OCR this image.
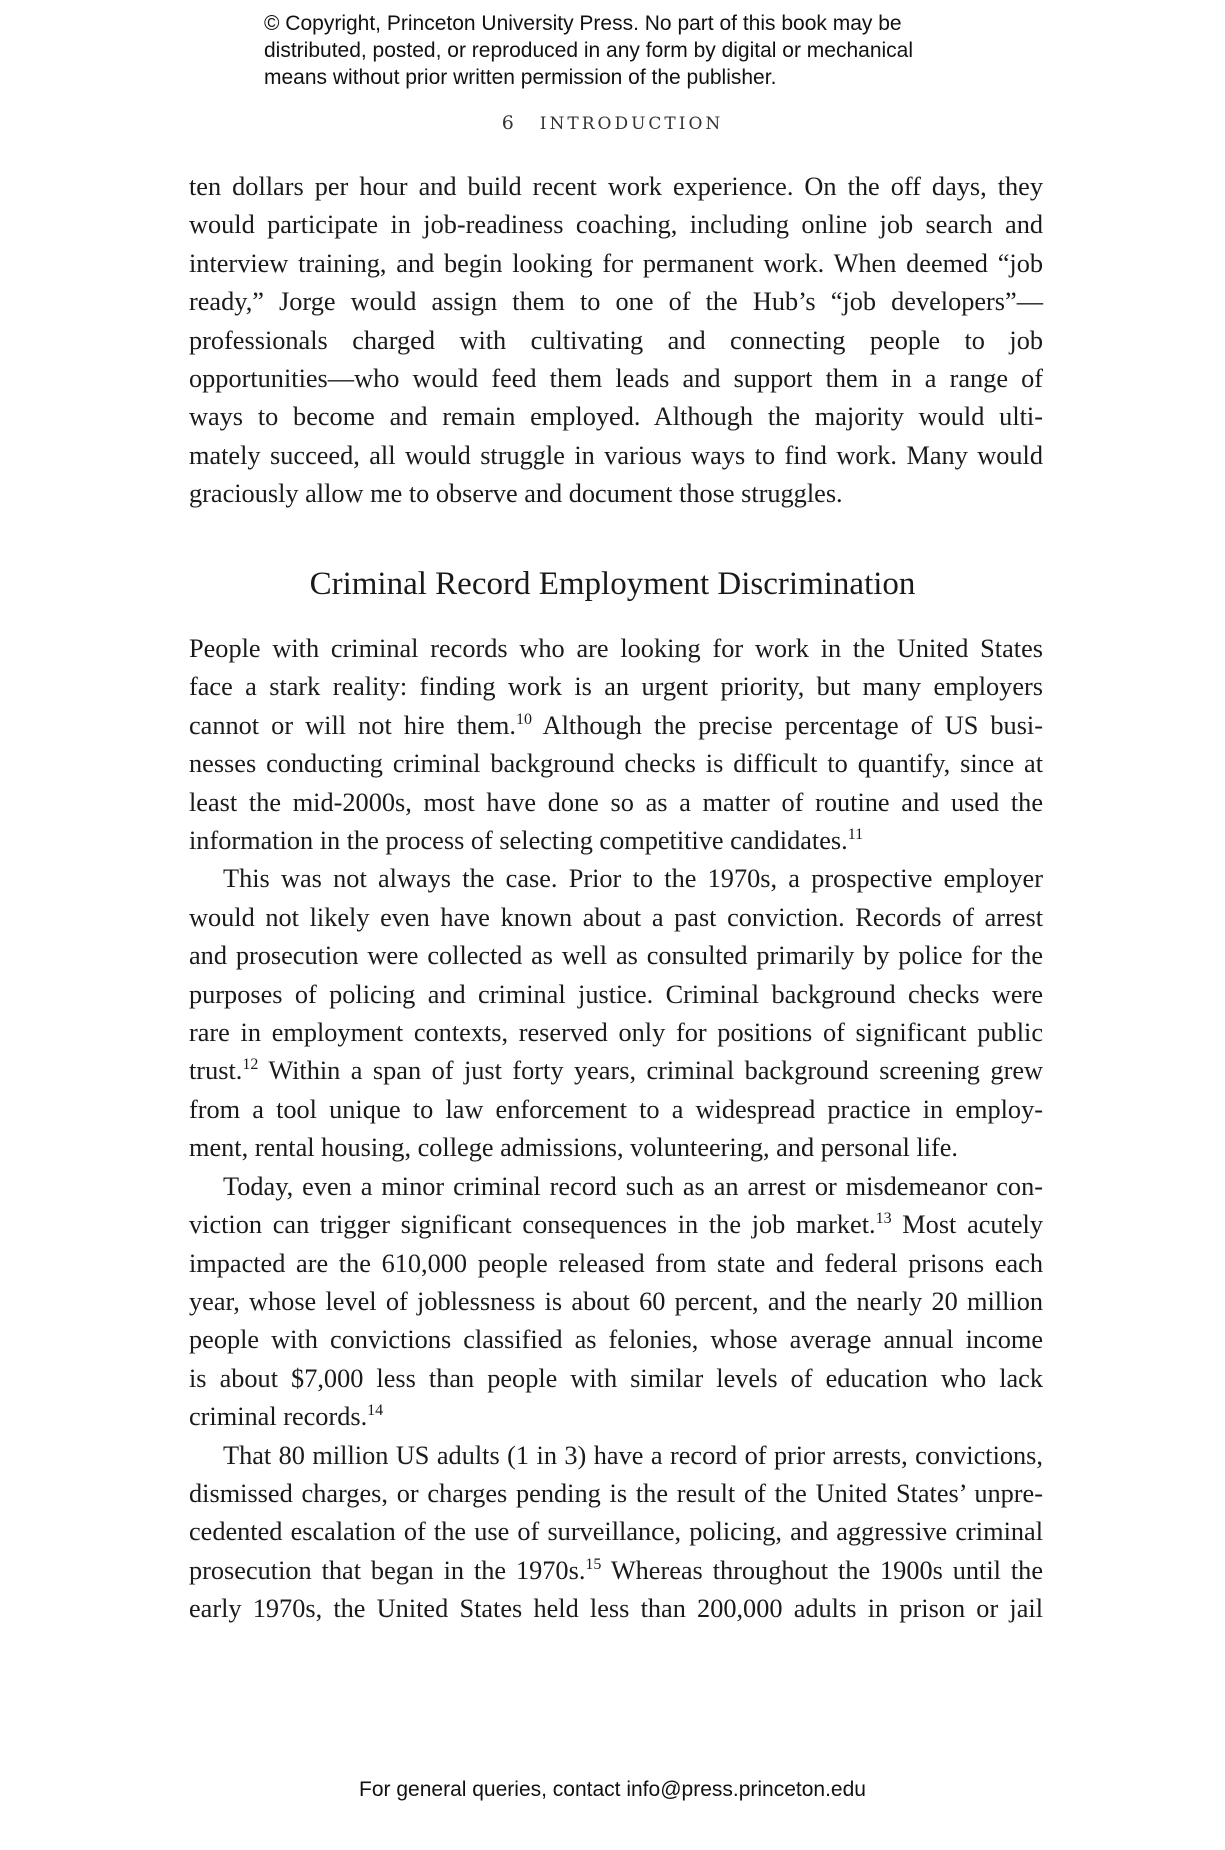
© Copyright, Princeton University Press. No part of this book may be
distributed, posted, or reproduced in any form by digital or mechanical
means without prior written permission of the publisher.
6 INTRODUCTION
ten dollars per hour and build recent work experience. On the off days, they
would participate in job-readiness coaching, including online job search and
interview training, and begin looking for permanent work. When deemed “job
ready,” Jorge would assign them to one of the Hub’s “job developers”—
professionals charged with cultivating and connecting people to job
opportunities—who would feed them leads and support them in a range of
ways to become and remain employed. Although the majority would ulti-
mately succeed, all would struggle in various ways to find work. Many would
graciously allow me to observe and document those struggles.
Criminal Record Employment Discrimination
People with criminal records who are looking for work in the United States
face a stark reality: finding work is an urgent priority, but many employers
cannot or will not hire them.$^{10}$ Although the precise percentage of US busi-
nesses conducting criminal background checks is difficult to quantify, since at
least the mid-2000s, most have done so as a matter of routine and used the
information in the process of selecting competitive candidates.$^{11}$
This was not always the case. Prior to the 1970s, a prospective employer
would not likely even have known about a past conviction. Records of arrest
and prosecution were collected as well as consulted primarily by police for the
purposes of policing and criminal justice. Criminal background checks were
rare in employment contexts, reserved only for positions of significant public
trust.$^{12}$ Within a span of just forty years, criminal background screening grew
from a tool unique to law enforcement to a widespread practice in employ-
ment, rental housing, college admissions, volunteering, and personal life.
Today, even a minor criminal record such as an arrest or misdemeanor con-
viction can trigger significant consequences in the job market.$^{13}$ Most acutely
impacted are the 610,000 people released from state and federal prisons each
year, whose level of joblessness is about 60 percent, and the nearly 20 million
people with convictions classified as felonies, whose average annual income
is about $7,000 less than people with similar levels of education who lack
criminal records.$^{14}$
That 80 million US adults (1 in 3) have a record of prior arrests, convictions,
dismissed charges, or charges pending is the result of the United States’ unpre-
cedented escalation of the use of surveillance, policing, and aggressive criminal
prosecution that began in the 1970s.$^{15}$ Whereas throughout the 1900s until the
early 1970s, the United States held less than 200,000 adults in prison or jail
For general queries, contact info@press.princeton.edu
